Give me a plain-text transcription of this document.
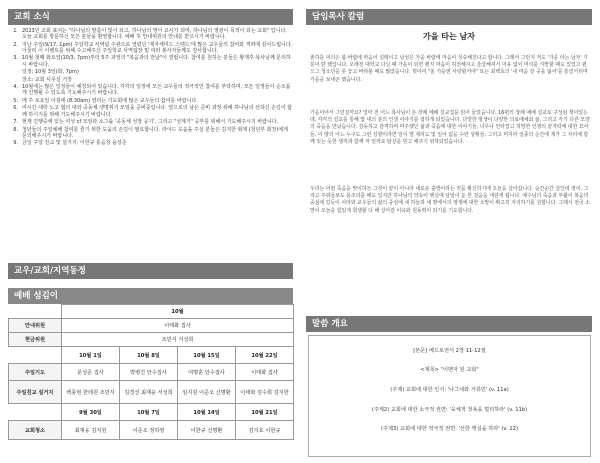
교회 소식
1. 2023년 교회 표어는 "하나님의 말씀이 빛이 되고, 하나님의 영이 교사가 되며, 하나님의 영광이 목적이 되는 교회" 입니다. 오늘 교회를 방문하신 모든 분들을 환영합니다. 예배 후 안내위원의 안내를 받으시기 바랍니다.
2. 지난 주일(9/17, 1pm) 주일학교 사역팀 주관으로 열렸던 '제자세미드 스탠드'에 많은 교우들의 참여와 격려에 감사드립니다. 아울러 이 이벤트를 위해 수고해주신 주일학교 사역팀장 및 여러 봉사자들께도 감사합니다.
3. 10월 첫째 화요일(10/3, 7pm)부터 5주 과정의 "복음과의 만남"이 열립니다. 참여를 원하는 분들은 황재후 목사님께 문의하시 바랍니다.
일정: 10월 3일(화, 7pm)
장소: 교회 사무실 거장
4. 10월에는 많은 일정들이 예정되어 있습니다. 각각의 일정에 모든 교우들의 적극적인 참여를 부탁하며, 모든 일정들이 순조롭게 진행될 수 있도록 기도해주시기 바랍니다.
5. 매 주 토요일 아침에 (8:30am) 열리는 기도회에 많은 교우들의 참여를 바랍니다.
6. 여시간 대학 노고 협의 대외 공동체 생명위기 모임을 준비중입니다. 열으로의 남은 준비 과정 위해 하나님의 선하신 손길이 함께 하시기를 위해 기도해주시기 바랍니다.
7. 현재 진행중에 있는 여성 cf 모임과 소그룹 '공동체 성장 공기', 그리고 "성계기" 공부를 위해서 기도해주시기 바랍니다.
8. 청년들의 주일예배 참여를 즐기 위한 도움의 손길이 필요합니다. 라이드 도움을 주실 분들은 김지한 형제 (청년부 회장)에게 문의해주시기 바랍니다.
9. 금일 주일 친교 및 설거지: 이한규 통음창 윤성준
교우/교회/지역동정
예배 섬김이
	10월			
안내위원	이태화 집사			
현금위원	조민식 서성희			
	10월 1일	10월 8일	10월 15일	10월 22일
주일기도	문성준 집사	박병진 안수집사	여명훈 안수집사	이태화 집사
주일친교 설거지	백풍현 한테원 조민식	김경선 최재웅 서성희	임지원 이준오 신명환	이태화 김수희 김지한
	9월 30일	10월 7일	10월 14일	10월 21일
교회청소	최재웅 김지원	이준오 정하영	이한규 신명환	김지호 이한규
담임목사 칼럼
가을 타는 남자

춘하를 여의은 봄 바람에 마음이 설레이고 남성은 가을 바람에 마음이 싱숭해진다고 합니다. 그래서 그런지 저도 '가을 타는 남자' 기분이 딴 했입니다. 오래전 대학교 다닐 때 가을이 되면 왠지 마음이 허전해지고 울살해져서 여유 없이 머리를 식발할 때도 있었고 편으그 청소년을 못 놓고 바라볼 때도 많았습니다. 벗이여 "올 가을엔 사랑할거야" 또는 최백호의 '내 마음 갈 곳을 잃어'를 흥얼거리며 가을을 보내곤 했습니다.

가을이어서 그런걸까요? 얼마 전 어느 목사님이 돈 장례 예배 설교집을 읽어 들었습니다. 16편의 장례 예배 설교로 구성된 책이었는데, 각각의 설교를 통해 몇 대의 분의 인생 이야기를 접하게 되었습니다. 다양한 방생이 다양한 의료매체와 삶, 그리고 각기 다른 모양의 죽음을 만났습니다. 감동하고 감격하며 마주했던 삶과 죽음에 대한 이야기들, 너무나 안타깝고 허망한 인생의 끝자락에 대한 묘사들, 이 땅의 어느 누구도 그런 싱향이라면 일이 엘 제리도 및 일어 없을 수란 상황들, 그리고 머지막 일종의 순간에 계가 그 자리에 함께 있는 듯한 생각과 함께 저 일까요 탈살을 믿고 해주기 위하되었습니다.

우리는 어떤 죽음을 맞이하든 그것이 끝이 아니라 새로운 출발이라는 것을 확신하기에 오늘을 살아갑니다. 순간순간 살인데 절어, 그리고 주위들보도 올조리를 해도 일지만 하나님의 약속이 행실에 담임이 둔 한 걸음을 내딛게 됩니다. 예수님의 죽음과 부활이 복음의 중심에 있듯이 사라와 교우들의 삶의 중심에 새 하늘과 새 땅에서의 영생에 대한 소망이 확고히 자리하기를 원합니다. 그래서 천국 소망이 오늘을 힘있게 희생할 다 해 살아갈 이유와 원동력이 되기를 기도합니다.

말씀 개요
[본문] 베드로전서 2장 11-12절
<제목> "이멘자 된 교회"
(주제) 교회에 대한 인식: '나그네와 거류민' (v. 11a)
(주제2) 교회에 대한 소극적 권면: '육체적 정욕을 멀리하라' (v. 11b)
(주제3) 교회에 대한 적극적 권면: '선한 행실을 하라' (v. 12)
